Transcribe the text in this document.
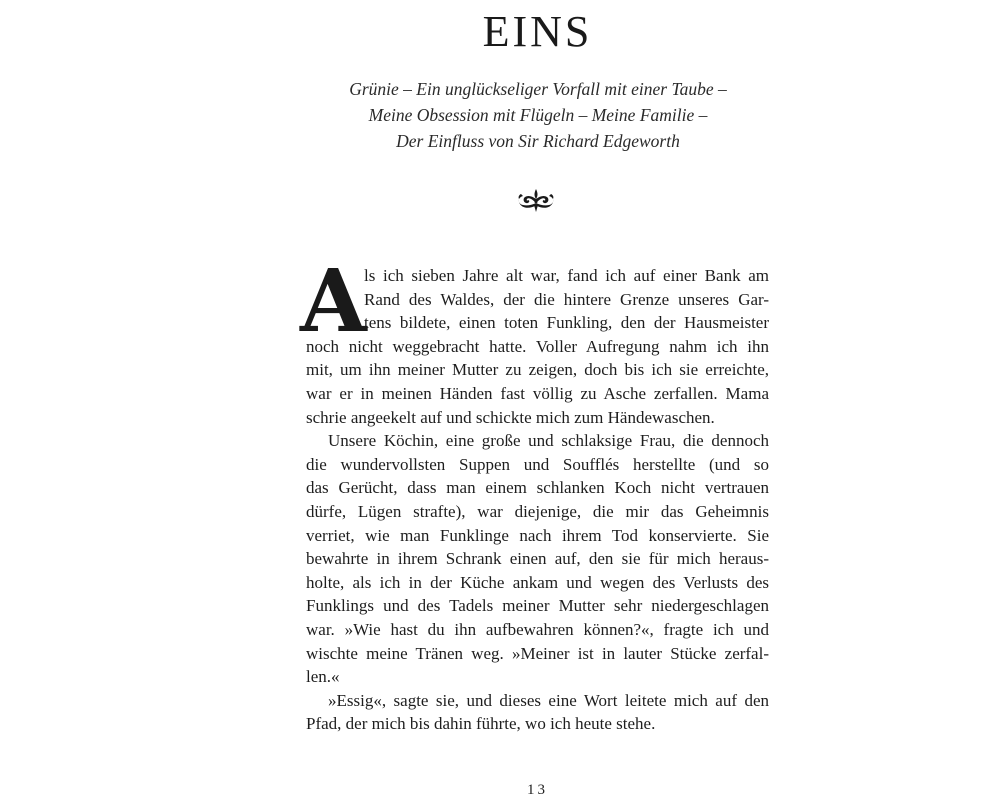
EINS
Grünie – Ein unglückseliger Vorfall mit einer Taube –
Meine Obsession mit Flügeln – Meine Familie –
Der Einfluss von Sir Richard Edgeworth
A
ls ich sieben Jahre alt war, fand ich auf einer Bank am
Rand des Waldes, der die hintere Grenze unseres Gar-
tens bildete, einen toten Funkling, den der Hausmeister
noch nicht weggebracht hatte. Voller Aufregung nahm ich ihn
mit, um ihn meiner Mutter zu zeigen, doch bis ich sie erreichte,
war er in meinen Händen fast völlig zu Asche zerfallen. Mama
schrie angeekelt auf und schickte mich zum Händewaschen.
Unsere Köchin, eine große und schlaksige Frau, die dennoch
die wundervollsten Suppen und Soufflés herstellte (und so
das Gerücht, dass man einem schlanken Koch nicht vertrauen
dürfe, Lügen strafte), war diejenige, die mir das Geheimnis
verriet, wie man Funklinge nach ihrem Tod konservierte. Sie
bewahrte in ihrem Schrank einen auf, den sie für mich heraus-
holte, als ich in der Küche ankam und wegen des Verlusts des
Funklings und des Tadels meiner Mutter sehr niedergeschlagen
war. »Wie hast du ihn aufbewahren können?«, fragte ich und
wischte meine Tränen weg. »Meiner ist in lauter Stücke zerfal-
len.«
»Essig«, sagte sie, und dieses eine Wort leitete mich auf den
Pfad, der mich bis dahin führte, wo ich heute stehe.
13
